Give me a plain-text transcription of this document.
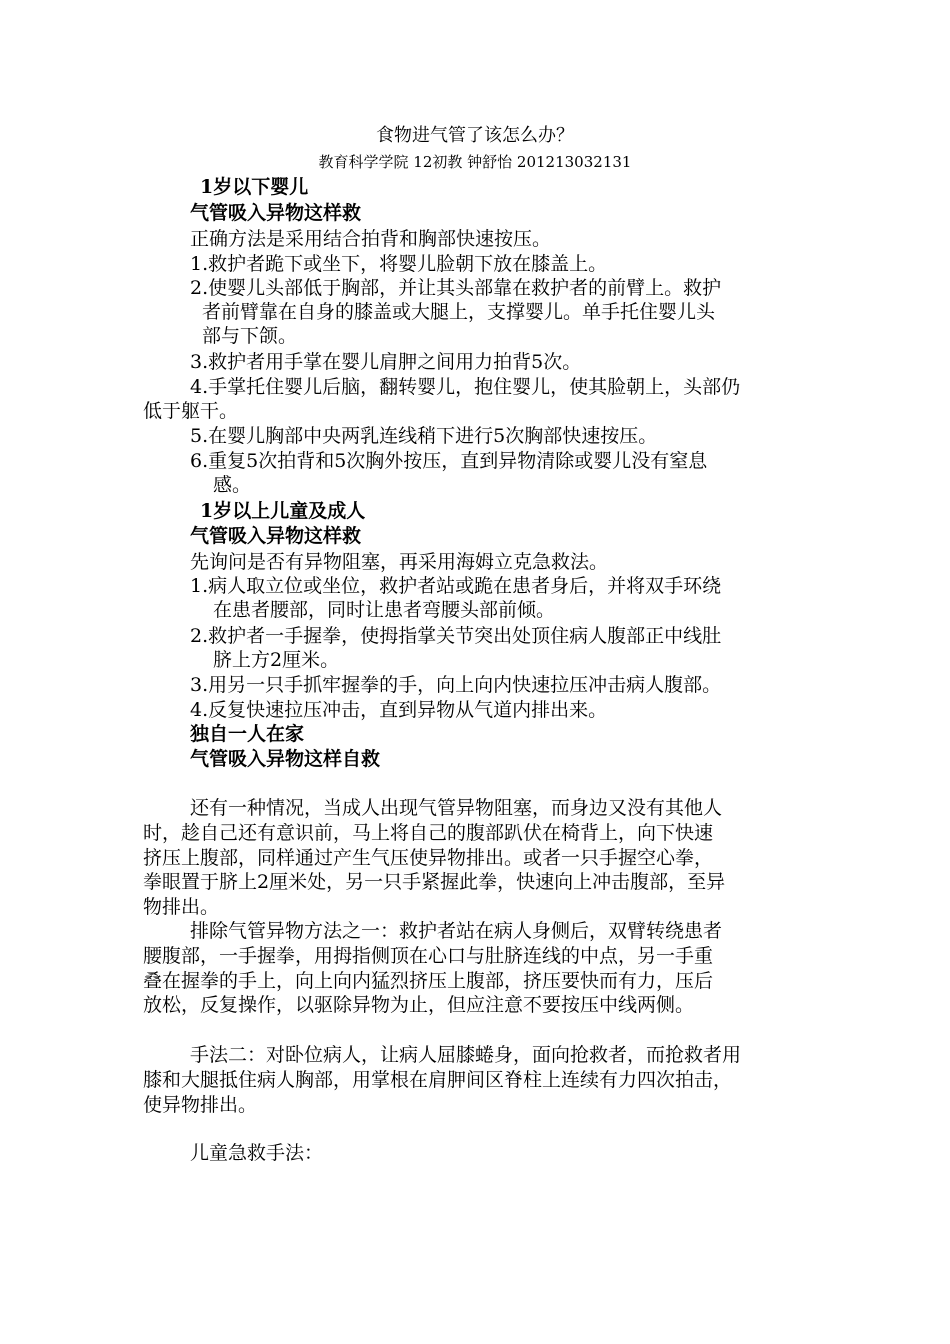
食物进气管了该怎么办？
教育科学学院 12初教 钟舒怡 201213032131
1岁以下婴儿
气管吸入异物这样救
正确方法是采用结合拍背和胸部快速按压。
1.救护者跪下或坐下，将婴儿脸朝下放在膝盖上。
2.使婴儿头部低于胸部，并让其头部靠在救护者的前臂上。救护
者前臂靠在自身的膝盖或大腿上，支撑婴儿。单手托住婴儿头
部与下颌。
3.救护者用手掌在婴儿肩胛之间用力拍背5次。
4.手掌托住婴儿后脑，翻转婴儿，抱住婴儿，使其脸朝上，头部仍
低于躯干。
5.在婴儿胸部中央两乳连线稍下进行5次胸部快速按压。
6.重复5次拍背和5次胸外按压，直到异物清除或婴儿没有窒息
感。
1岁以上儿童及成人
气管吸入异物这样救
先询问是否有异物阻塞，再采用海姆立克急救法。
1.病人取立位或坐位，救护者站或跪在患者身后，并将双手环绕
在患者腰部，同时让患者弯腰头部前倾。
2.救护者一手握拳，使拇指掌关节突出处顶住病人腹部正中线肚
脐上方2厘米。
3.用另一只手抓牢握拳的手，向上向内快速拉压冲击病人腹部。
4.反复快速拉压冲击，直到异物从气道内排出来。
独自一人在家
气管吸入异物这样自救
还有一种情况，当成人出现气管异物阻塞，而身边又没有其他人
时，趁自己还有意识前，马上将自己的腹部趴伏在椅背上，向下快速
挤压上腹部，同样通过产生气压使异物排出。或者一只手握空心拳，
拳眼置于脐上2厘米处，另一只手紧握此拳，快速向上冲击腹部，至异
物排出。
排除气管异物方法之一：救护者站在病人身侧后，双臂转绕患者
腰腹部，一手握拳，用拇指侧顶在心口与肚脐连线的中点，另一手重
叠在握拳的手上，向上向内猛烈挤压上腹部，挤压要快而有力，压后
放松，反复操作，以驱除异物为止，但应注意不要按压中线两侧。
手法二：对卧位病人，让病人屈膝蜷身，面向抢救者，而抢救者用
膝和大腿抵住病人胸部，用掌根在肩胛间区脊柱上连续有力四次拍击，
使异物排出。
儿童急救手法：
